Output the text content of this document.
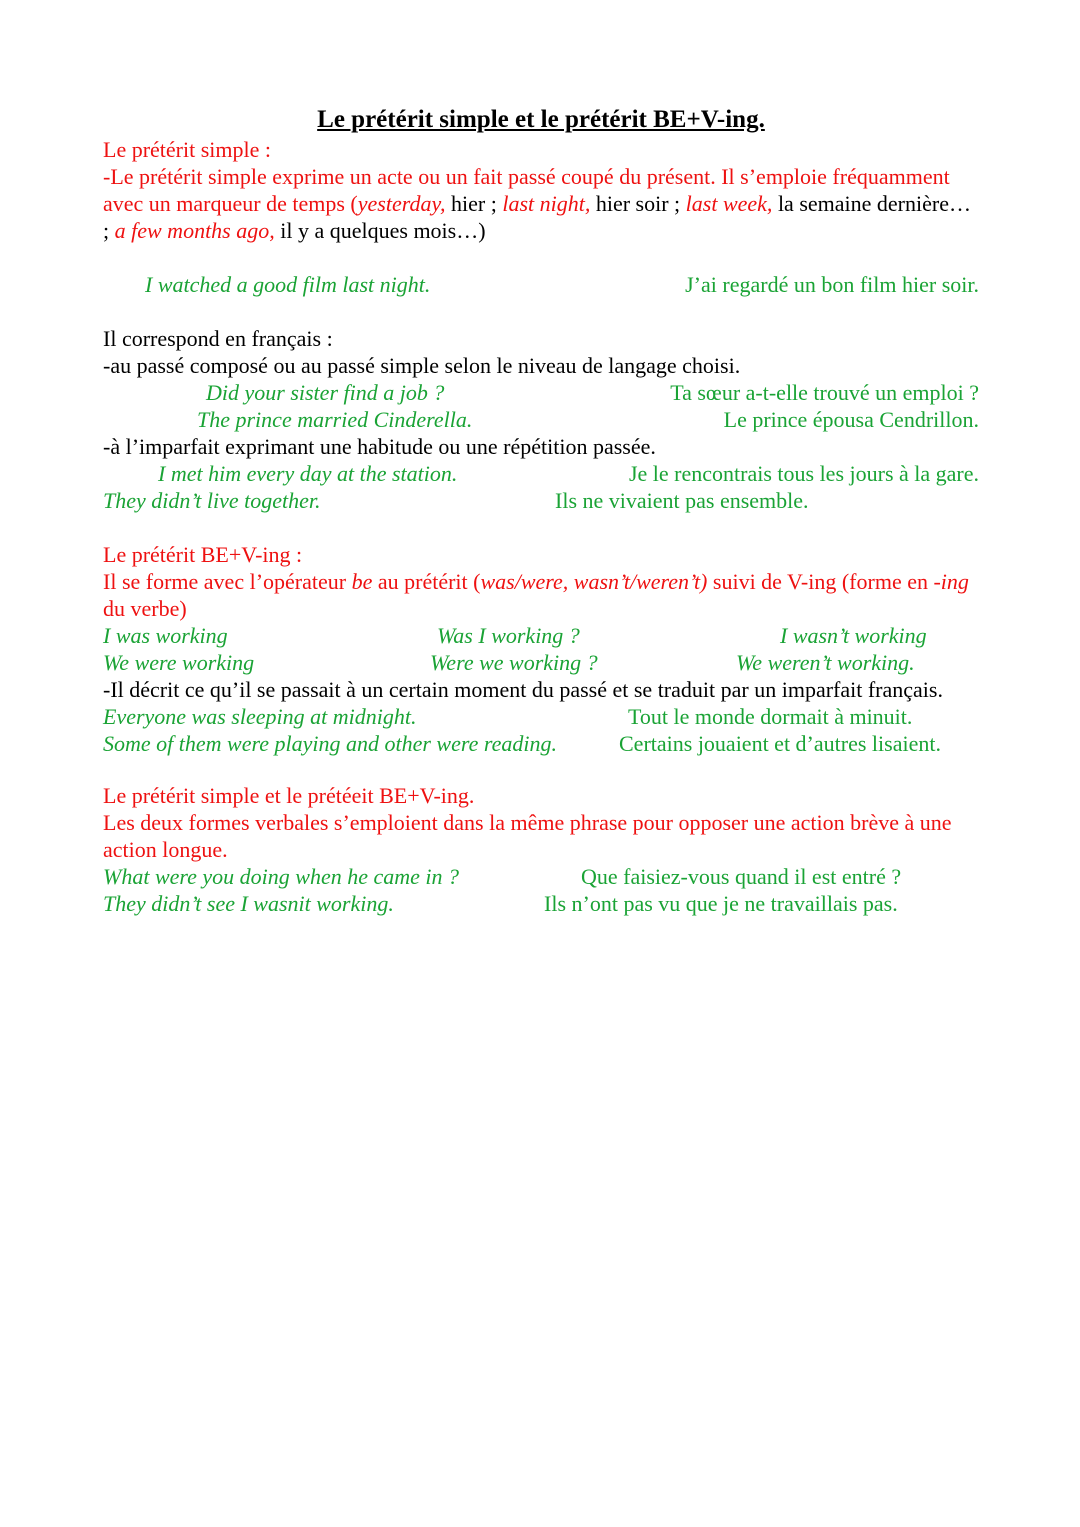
Le prétérit simple et le prétérit BE+V-ing.
Le prétérit simple :
-Le prétérit simple exprime un acte ou un fait passé coupé du présent. Il s’emploie fréquamment avec un marqueur de temps (yesterday, hier ; last night, hier soir ; last week, la semaine dernière… ; a few months ago, il y a quelques mois…)
I watched a good film last night.	J’ai regardé un bon film hier soir.
Il correspond en français :
-au passé composé ou au passé simple selon le niveau de langage choisi.
Did your sister find a job ?	Ta sœur a-t-elle trouvé un emploi ?
The prince married Cinderella.	Le prince épousa Cendrillon.
-à l’imparfait exprimant une habitude ou une répétition passée.
I met him every day at the station.	Je le rencontrais tous les jours à la gare.
They didn’t live together.	Ils ne vivaient pas ensemble.
Le prétérit BE+V-ing :
Il se forme avec l’opérateur be au prétérit (was/were, wasn’t/weren’t) suivi de V-ing (forme en -ing du verbe)
I was working	Was I working ?	I wasn’t working
We were working	Were we working ?	We weren’t working.
-Il décrit ce qu’il se passait à un certain moment du passé et se traduit par un imparfait français.
Everyone was sleeping at midnight.	Tout le monde dormait à minuit.
Some of them were playing and other were reading.	Certains jouaient et d’autres lisaient.
Le prétérit simple et le prétéeit BE+V-ing.
Les deux formes verbales s’emploient dans la même phrase pour opposer une action brève à une action longue.
What were you doing when he came in ?	Que faisiez-vous quand il est entré ?
They didn’t see I wasnit working.	Ils n’ont pas vu que je ne travaillais pas.
